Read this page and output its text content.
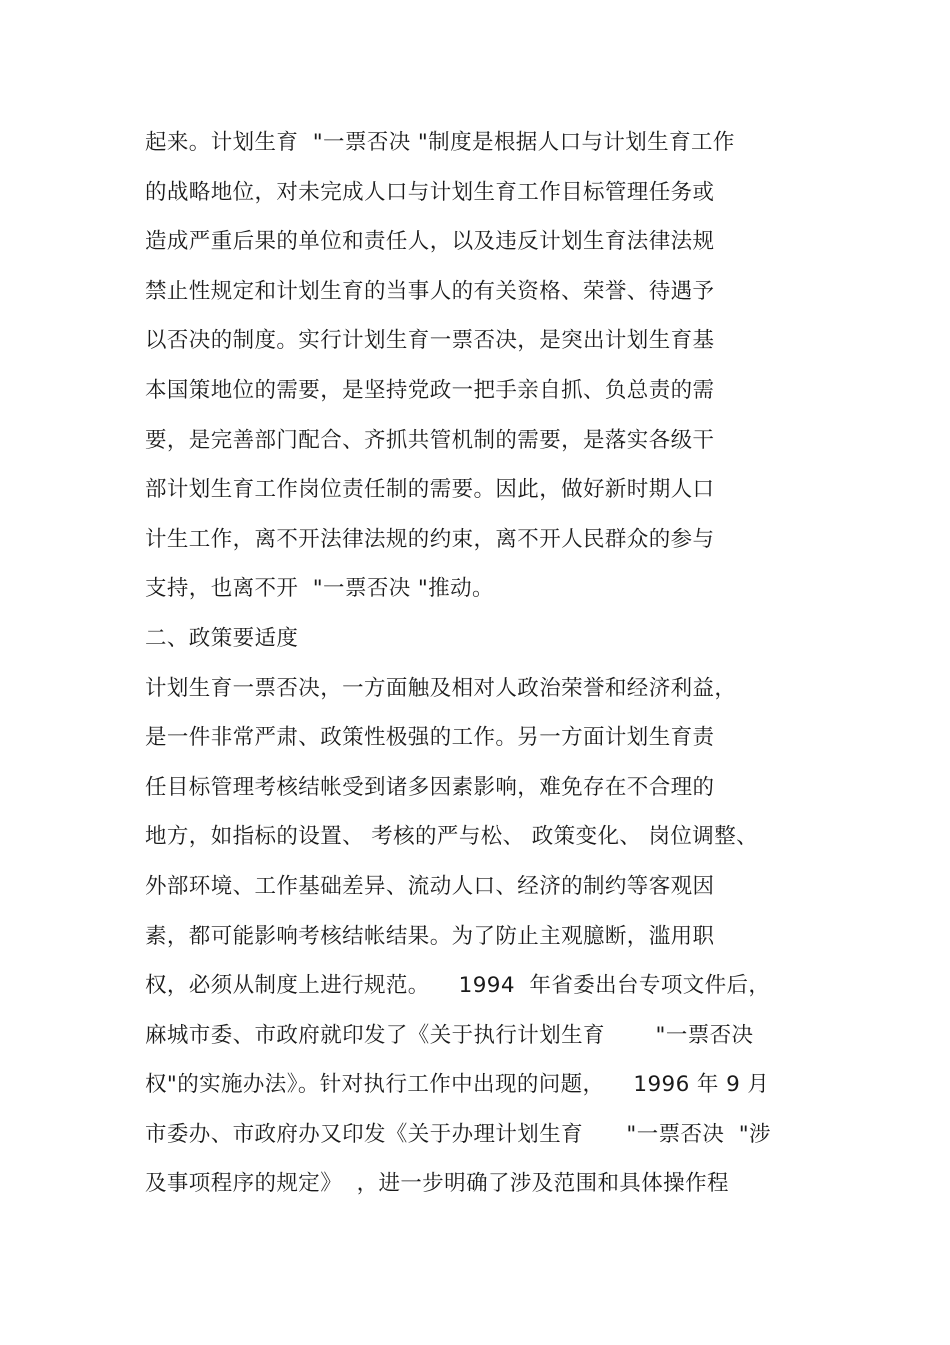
起来。计划生育  "一票否决 "制度是根据人口与计划生育工作
的战略地位，对未完成人口与计划生育工作目标管理任务或
造成严重后果的单位和责任人，以及违反计划生育法律法规
禁止性规定和计划生育的当事人的有关资格、荣誉、待遇予
以否决的制度。实行计划生育一票否决，是突出计划生育基
本国策地位的需要，是坚持党政一把手亲自抓、负总责的需
要，是完善部门配合、齐抓共管机制的需要，是落实各级干
部计划生育工作岗位责任制的需要。因此，做好新时期人口
计生工作，离不开法律法规的约束，离不开人民群众的参与
支持，也离不开  "一票否决 "推动。
二、政策要适度
计划生育一票否决，一方面触及相对人政治荣誉和经济利益，
是一件非常严肃、政策性极强的工作。另一方面计划生育责
任目标管理考核结帐受到诸多因素影响，难免存在不合理的
地方，如指标的设置、 考核的严与松、 政策变化、 岗位调整、
外部环境、工作基础差异、流动人口、经济的制约等客观因
素，都可能影响考核结帐结果。为了防止主观臆断，滥用职
权，必须从制度上进行规范。    1994  年省委出台专项文件后，
麻城市委、市政府就印发了《关于执行计划生育       "一票否决
权"的实施办法》。针对执行工作中出现的问题，    1996 年 9 月
市委办、市政府办又印发《关于办理计划生育      "一票否决  "涉
及事项程序的规定》  ，进一步明确了涉及范围和具体操作程
